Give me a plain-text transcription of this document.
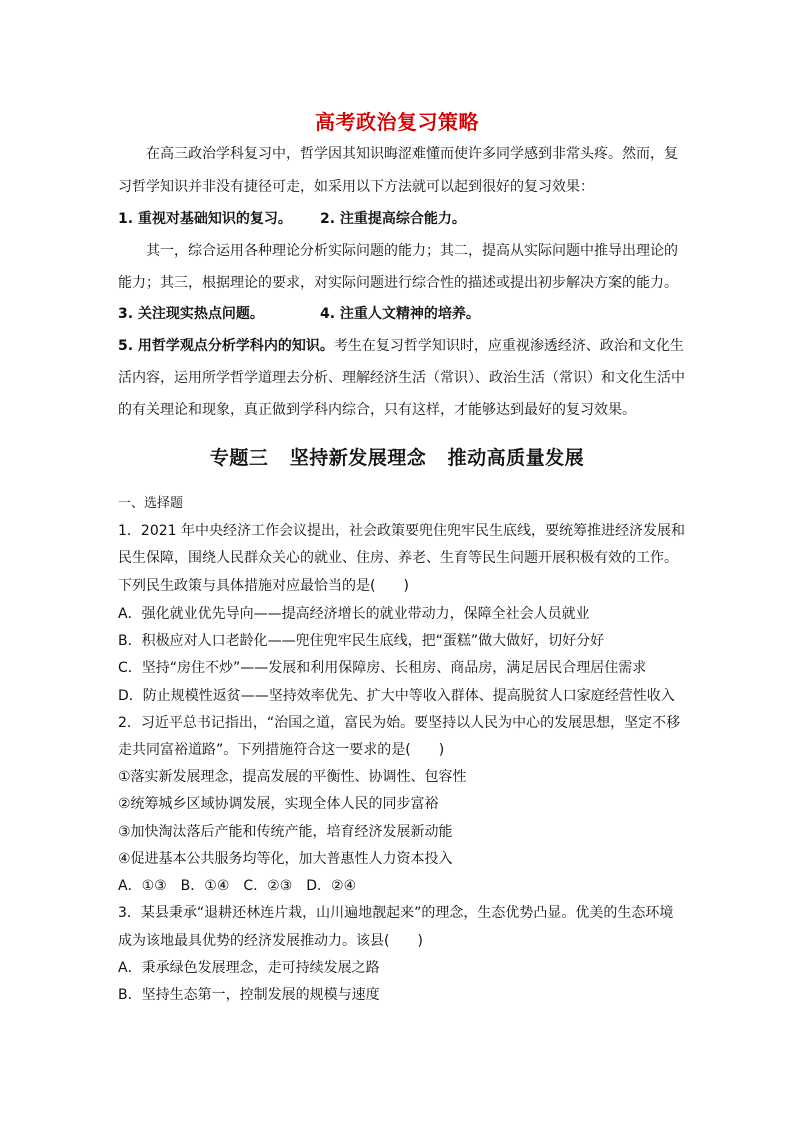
高考政治复习策略
在高三政治学科复习中，哲学因其知识晦涩难懂而使许多同学感到非常头疼。然而，复
习哲学知识并非没有捷径可走，如采用以下方法就可以起到很好的复习效果：
1. 重视对基础知识的复习。 2. 注重提高综合能力。
其一，综合运用各种理论分析实际问题的能力；其二，提高从实际问题中推导出理论的
能力；其三，根据理论的要求，对实际问题进行综合性的描述或提出初步解决方案的能力。
3. 关注现实热点问题。	4. 注重人文精神的培养。
5. 用哲学观点分析学科内的知识。考生在复习哲学知识时，应重视渗透经济、政治和文化生
活内容，运用所学哲学道理去分析、理解经济生活（常识）、政治生活（常识）和文化生活中
的有关理论和现象，真正做到学科内综合，只有这样，才能够达到最好的复习效果。
专题三 坚持新发展理念 推动高质量发展
一、选择题
1．2021 年中央经济工作会议提出，社会政策要兜住兜牢民生底线，要统筹推进经济发展和
民生保障，围绕人民群众关心的就业、住房、养老、生育等民生问题开展积极有效的工作。
下列民生政策与具体措施对应最恰当的是(　　)
A．强化就业优先导向——提高经济增长的就业带动力，保障全社会人员就业
B．积极应对人口老龄化——兜住兜牢民生底线，把“蛋糕”做大做好，切好分好
C．坚持“房住不炒”——发展和利用保障房、长租房、商品房，满足居民合理居住需求
D．防止规模性返贫——坚持效率优先、扩大中等收入群体、提高脱贫人口家庭经营性收入
2．习近平总书记指出，“治国之道，富民为始。要坚持以人民为中心的发展思想，坚定不移
走共同富裕道路”。下列措施符合这一要求的是(　　)
①落实新发展理念，提高发展的平衡性、协调性、包容性
②统筹城乡区域协调发展，实现全体人民的同步富裕
③加快淘汰落后产能和传统产能，培育经济发展新动能
④促进基本公共服务均等化，加大普惠性人力资本投入
A．①③　B．①④　C．②③　D．②④
3．某县秉承“退耕还林连片栽，山川遍地靓起来”的理念，生态优势凸显。优美的生态环境
成为该地最具优势的经济发展推动力。该县(　　)
A．秉承绿色发展理念，走可持续发展之路
B．坚持生态第一，控制发展的规模与速度
